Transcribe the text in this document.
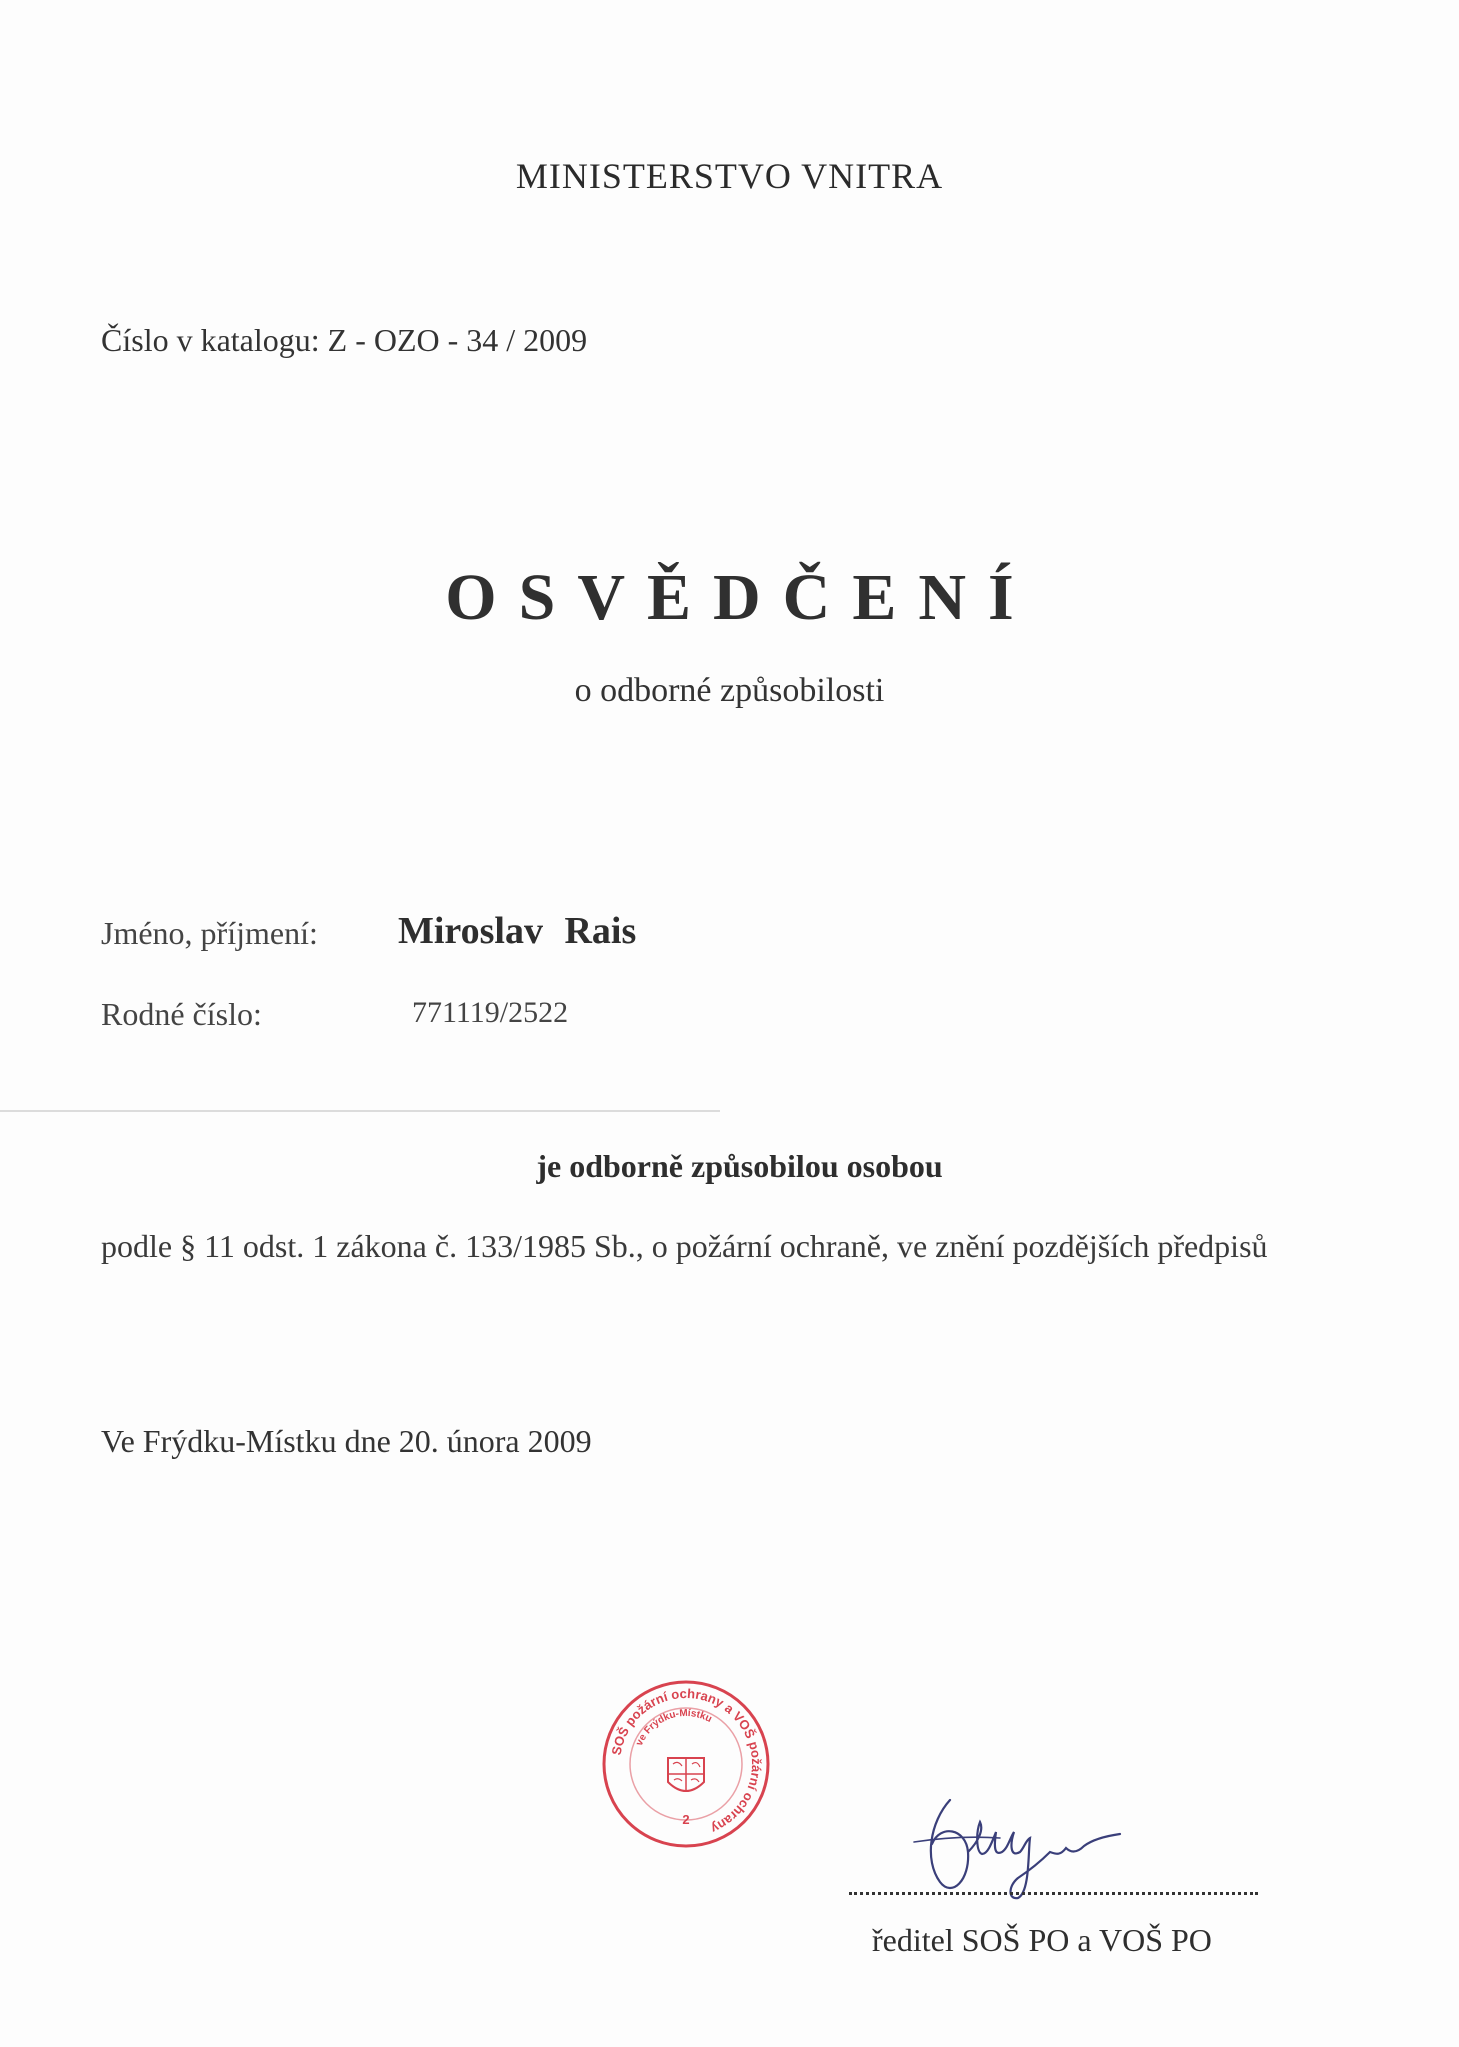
MINISTERSTVO VNITRA
Číslo v katalogu: Z - OZO - 34 / 2009
OSVĚDČENÍ
o odborné způsobilosti
Jméno, příjmení: Miroslav Rais
Rodné číslo:	771119/2522
je odborně způsobilou osobou
podle § 11 odst. 1 zákona č. 133/1985 Sb., o požární ochraně, ve znění pozdějších předpisů
Ve Frýdku-Místku dne 20. února 2009
SOŠ požární ochrany a VOŠ požární ochrany
ve Frýdku-Místku
2
ředitel SOŠ PO a VOŠ PO
